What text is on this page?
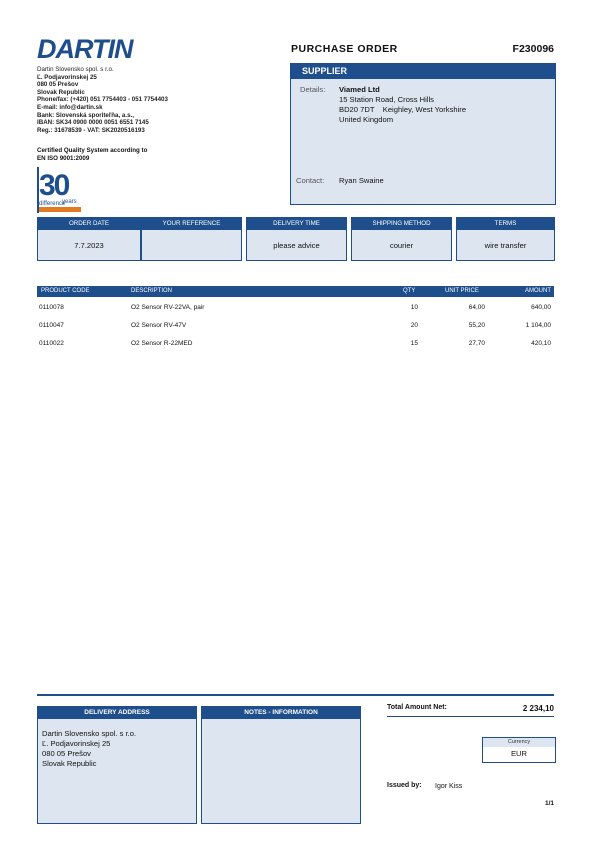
DARTIN
Dartin Slovensko spol. s r.o.
Ľ. Podjavorinskej 25
080 05 Prešov
Slovak Republic
Phone/fax: (+420) 051 7754403 - 051 7754403
E-mail: info@dartin.sk
Bank: Slovenská sporiteľňa, a.s.,
IBAN: SK34 0900 0000 0051 6551 7145
Reg.: 31678539 - VAT: SK2020516193
Certified Quality System according to
EN ISO 9001:2009
30
years
difference
PURCHASE ORDER	F230096
SUPPLIER
Details: Viamed Ltd
15 Station Road, Cross Hills
BD20 7DT    Keighley, West Yorkshire
United Kingdom
Contact: Ryan Swaine
ORDER DATE
7.7.2023
YOUR REFERENCE	DELIVERY TIME
please advice
SHIPPING METHOD
courier
TERMS
wire transfer
PRODUCT CODE	DESCRIPTION	QTY	UNIT PRICE	AMOUNT
0110078	O2 Sensor RV-22VA, pair	10	64,00	640,00
0110047	O2 Sensor RV-47V	20	55,20	1 104,00
0110022	O2 Sensor R-22MED	15	27,70	420,10
DELIVERY ADDRESS
Dartin Slovensko spol. s r.o.
Ľ. Podjavorinskej 25
080 05 Prešov
Slovak Republic
NOTES - INFORMATION
Total Amount Net:	2 234,10
Currency
EUR
Issued by: Igor Kiss
1/1
